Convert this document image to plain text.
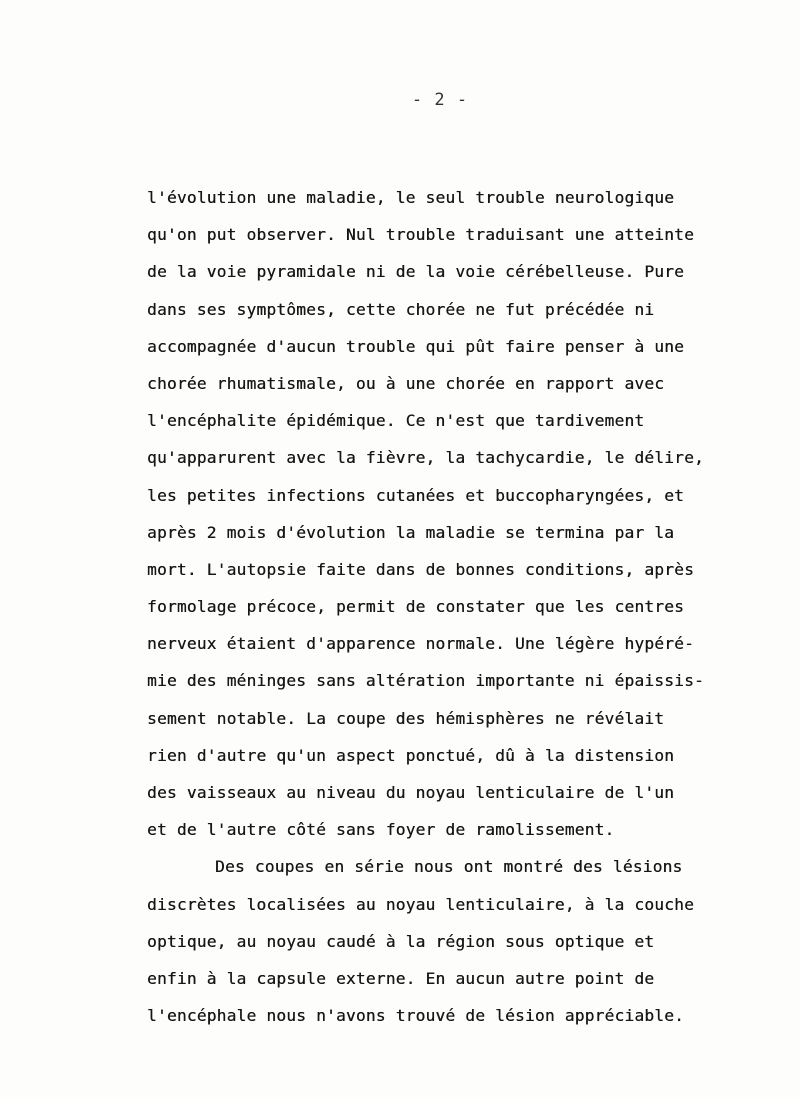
- 2 -
l'évolution une maladie, le seul trouble neurologique
qu'on put observer. Nul trouble traduisant une atteinte
de la voie pyramidale ni de la voie cérébelleuse. Pure
dans ses symptômes, cette chorée ne fut précédée ni
accompagnée d'aucun trouble qui pût faire penser à une
chorée rhumatismale, ou à une chorée en rapport avec
l'encéphalite épidémique. Ce n'est que tardivement
qu'apparurent avec la fièvre, la tachycardie, le délire,
les petites infections cutanées et buccopharyngées, et
après 2 mois d'évolution la maladie se termina par la
mort. L'autopsie faite dans de bonnes conditions, après
formolage précoce, permit de constater que les centres
nerveux étaient d'apparence normale. Une légère hypéré-
mie des méninges sans altération importante ni épaissis-
sement notable. La coupe des hémisphères ne révélait
rien d'autre qu'un aspect ponctué, dû à la distension
des vaisseaux au niveau du noyau lenticulaire de l'un
et de l'autre côté sans foyer de ramolissement.
Des coupes en série nous ont montré des lésions
discrètes localisées au noyau lenticulaire, à la couche
optique, au noyau caudé à la région sous optique et
enfin à la capsule externe. En aucun autre point de
l'encéphale nous n'avons trouvé de lésion appréciable.
